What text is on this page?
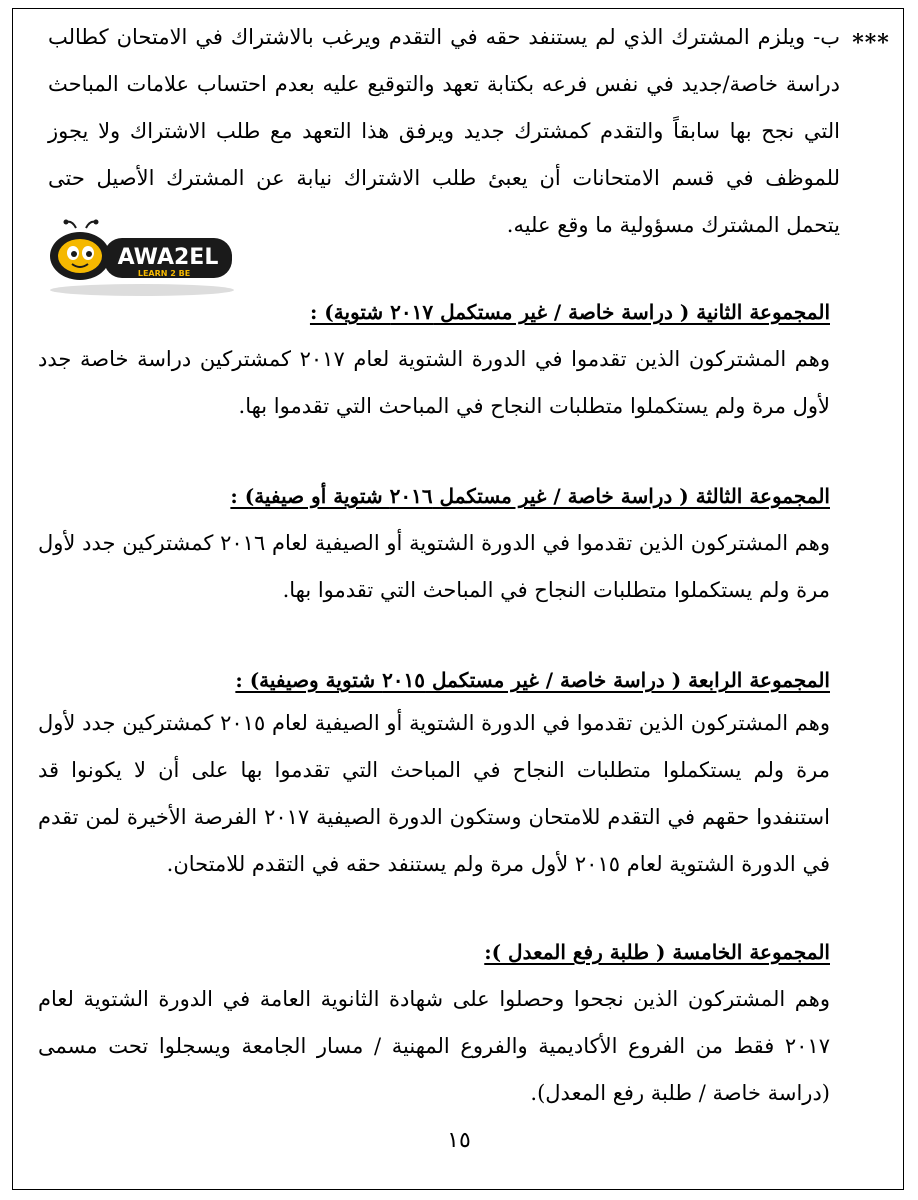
***

ب- ويلزم المشترك الذي لم يستنفد حقه في التقدم ويرغب بالاشتراك في الامتحان كطالب دراسة خاصة/جديد في نفس فرعه بكتابة تعهد والتوقيع عليه بعدم احتساب علامات المباحث التي نجح بها سابقاً والتقدم كمشترك جديد ويرفق هذا التعهد مع طلب الاشتراك ولا يجوز للموظف في قسم الامتحانات أن يعبئ طلب الاشتراك نيابة عن المشترك الأصيل حتى يتحمل المشترك مسؤولية ما وقع عليه.

AWA2EL
LEARN 2 BE
المجموعة الثانية ( دراسة خاصة / غير مستكمل ٢٠١٧ شتوية) :

وهم المشتركون الذين تقدموا في الدورة الشتوية لعام ٢٠١٧ كمشتركين دراسة خاصة جدد لأول مرة ولم يستكملوا متطلبات النجاح في المباحث التي تقدموا بها.

المجموعة الثالثة ( دراسة خاصة / غير مستكمل ٢٠١٦ شتوية أو صيفية) :

وهم المشتركون الذين تقدموا في الدورة الشتوية أو الصيفية لعام ٢٠١٦ كمشتركين جدد لأول مرة ولم يستكملوا متطلبات النجاح في المباحث التي تقدموا بها.

المجموعة الرابعة ( دراسة خاصة / غير مستكمل ٢٠١٥ شتوية وصيفية) :

وهم المشتركون الذين تقدموا في الدورة الشتوية أو الصيفية لعام ٢٠١٥ كمشتركين جدد لأول مرة ولم يستكملوا متطلبات النجاح في المباحث التي تقدموا بها على أن لا يكونوا قد استنفدوا حقهم في التقدم للامتحان وستكون الدورة الصيفية ٢٠١٧ الفرصة الأخيرة لمن تقدم في الدورة الشتوية لعام ٢٠١٥ لأول مرة ولم يستنفد حقه في التقدم للامتحان.

المجموعة الخامسة ( طلبة رفع المعدل ):

وهم المشتركون الذين نجحوا وحصلوا على شهادة الثانوية العامة في الدورة الشتوية لعام ٢٠١٧ فقط من الفروع الأكاديمية والفروع المهنية / مسار الجامعة ويسجلوا تحت مسمى (دراسة خاصة / طلبة رفع المعدل).

١٥
